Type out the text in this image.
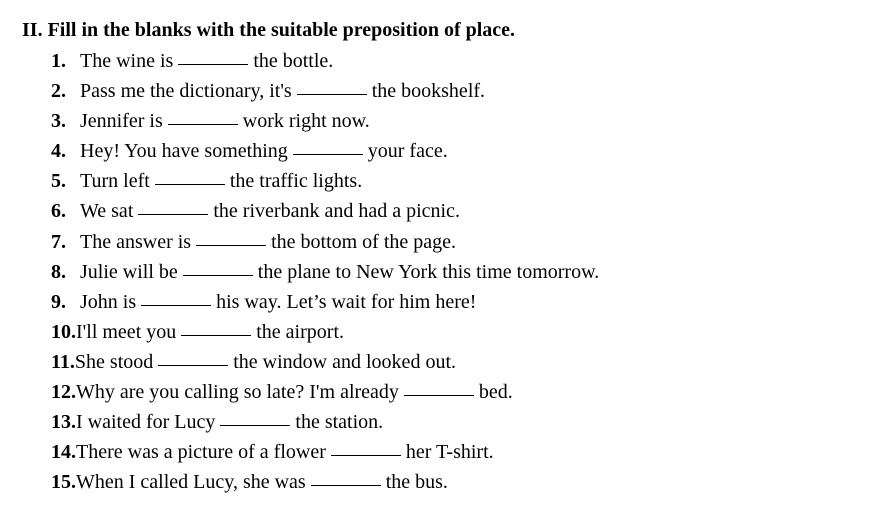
II. Fill in the blanks with the suitable preposition of place.
1. The wine is	the bottle.
2. Pass me the dictionary, it's	the bookshelf.
3. Jennifer is	work right now.
4. Hey! You have something	your face.
5. Turn left	the traffic lights.
6. We sat	the riverbank and had a picnic.
7. The answer is	the bottom of the page.
8. Julie will be	the plane to New York this time tomorrow.
9. John is	his way. Let’s wait for him here!
10. I'll meet you	the airport.
11. She stood	the window and looked out.
12. Why are you calling so late? I'm already	bed.
13. I waited for Lucy	the station.
14. There was a picture of a flower	her T-shirt.
15. When I called Lucy, she was	the bus.
